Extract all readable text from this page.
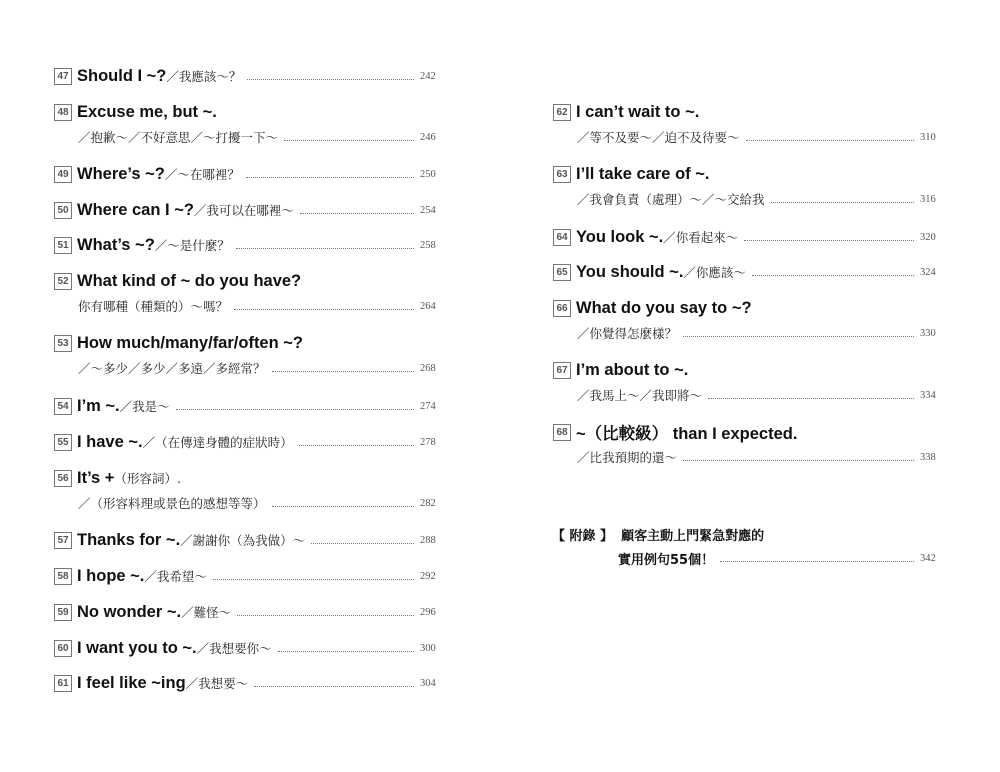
47 Should I ~? ／我應該～？	242
48 Excuse me, but ~.
／抱歉～／不好意思／～打擾一下～	246
49 Where’s ~? ／～在哪裡？	250
50 Where can I ~? ／我可以在哪裡～	254
51 What’s ~? ／～是什麼？	258
52 What kind of ~ do you have?
你有哪種（種類的）～嗎？	264
53 How much/many/far/often ~?
／～多少／多少／多遠／多經常？	268
54 I’m ~. ／我是～	274
55 I have ~. ／（在傳達身體的症狀時）	278
56 It’s + （形容詞）.
／（形容料理或景色的感想等等）	282
57 Thanks for ~. ／謝謝你（為我做）～	288
58 I hope ~. ／我希望～	292
59 No wonder ~. ／難怪～	296
60 I want you to ~. ／我想要你～	300
61 I feel like ~ing ／我想要～	304
62 I can’t wait to ~.
／等不及要～／迫不及待要～	310
63 I’ll take care of ~.
／我會負責（處理）～／～交給我	316
64 You look ~. ／你看起來～	320
65 You should ~. ／你應該～	324
66 What do you say to ~?
／你覺得怎麼樣？	330
67 I’m about to ~.
／我馬上～／我即將～	334
68 ~（比較級） than I expected.
／比我預期的還～	338
【 附錄 】 顧客主動上門緊急對應的
實用例句55個！	342
